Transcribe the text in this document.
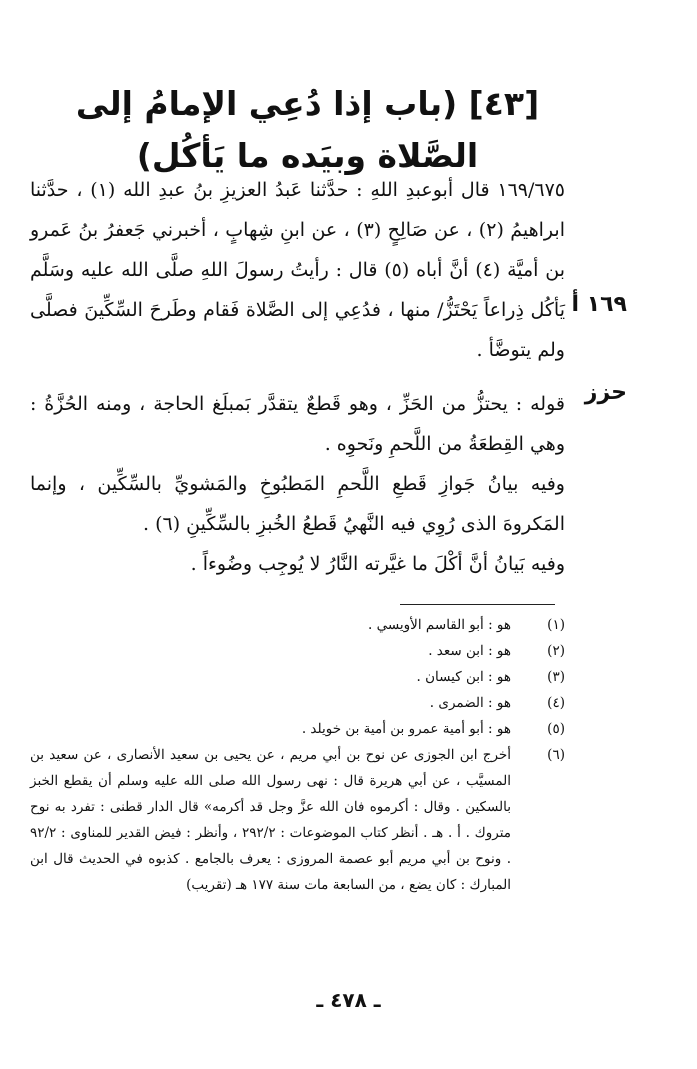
[٤٣] (باب إذا دُعِي الإمامُ إلى الصَّلاة وبيَده ما يَأكُل)
١٦٩ أ
حزز

١٦٩/٦٧٥ قال أبوعبدِ اللهِ : حدَّثنا عَبدُ العزيزِ بنُ عبدِ الله (١) ، حدَّثنا ابراهيمُ (٢) ، عن صَالِحٍ (٣) ، عن ابنِ شِهابٍ ، أخبرني جَعفرُ بنُ عَمرو بن أميَّة (٤) أنَّ أباه (٥) قال : رأيتُ رسولَ اللهِ صلَّى الله عليه وسَلَّم يَأكُل ذِراعاً يَحْتَزُّ/ منها ، فدُعِي إلى الصَّلاة فَقام وطَرحَ السِّكِّينَ فصلَّى ولم يتوضَّأ .

قوله : يحتزُّ من الحَزِّ ، وهو قَطعٌ يتقدَّر بَمبلَغ الحاجة ، ومنه الحُزَّةُ : وهي القِطعَةُ من اللَّحمِ ونَحوِه .

وفيه بيانُ جَوازِ قَطعِ اللَّحمِ المَطبُوخِ والمَشويِّ بالسِّكِّين ، وإنما المَكروهَ الذى رُوِي فيه النَّهيُ قَطعُ الخُبزِ بالسِّكِّينِ (٦) .

وفيه بَيانُ أنَّ أكْلَ ما غيَّرته النَّارُ لا يُوجِب وضُوءاً .

(١)
هو : أبو القاسم الأويسي .
(٢)
هو : ابن سعد .
(٣)
هو : ابن كيسان .
(٤)
هو : الضمرى .
(٥)
هو : أبو أمية عمرو بن أمية بن خويلد .
(٦)
أخرج ابن الجوزى عن نوح بن أبي مريم ، عن يحيى بن سعيد الأنصارى ، عن سعيد بن المسيَّب ، عن أبي هريرة قال : نهى رسول الله صلى الله عليه وسلم أن يقطع الخبز بالسكين . وقال : أكرموه فان الله عزَّ وجل قد أكرمه» قال الدار قطنى : تفرد به نوح متروك . أ . هـ . أنظر كتاب الموضوعات : ٢٩٢/٢ ، وأنظر : فيض القدير للمناوى : ٩٢/٢ . ونوح بن أبي مريم أبو عصمة المروزى : يعرف بالجامع . كذبوه في الحديث قال ابن المبارك : كان يضع ، من السابعة مات سنة ١٧٧ هـ (تقريب)
ـ ٤٧٨ ـ
